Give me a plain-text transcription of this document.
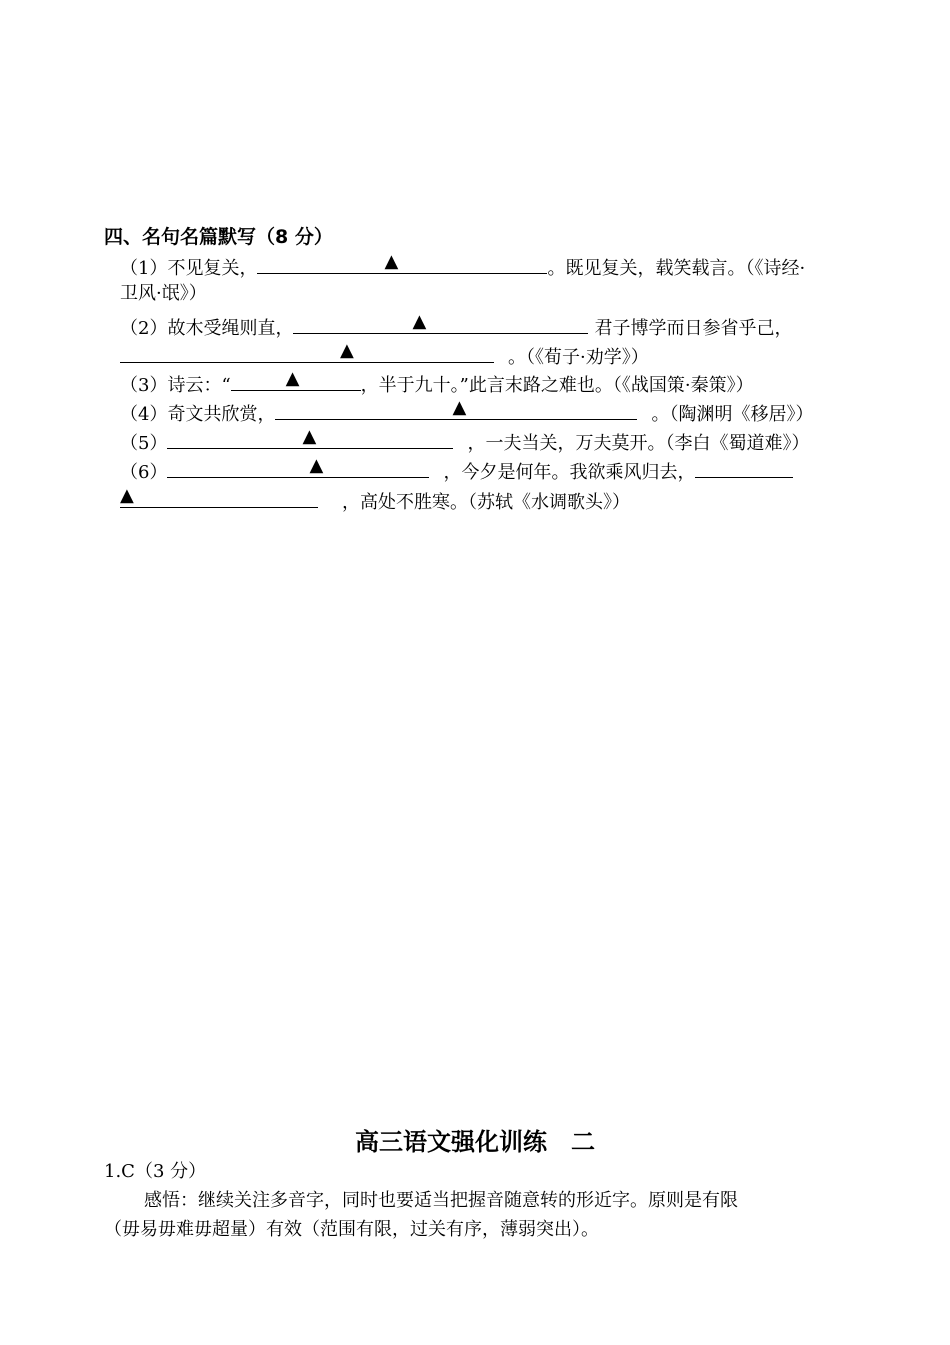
四、名句名篇默写（8 分）
（1）不见复关，	▲	。既见复关，载笑载言。（《诗经·
卫风·氓》）
（2）故木受绳则直，	▲	君子博学而日参省乎己，
▲	。（《荀子·劝学》）
（3）诗云：“	▲	，半于九十。”此言末路之难也。（《战国策·秦策》）
（4）奇文共欣赏，	▲	。（陶渊明《移居》）
（5）	▲	，一夫当关，万夫莫开。（李白《蜀道难》）
（6）	▲	，今夕是何年。我欲乘风归去，
▲	，高处不胜寒。（苏轼《水调歌头》）
高三语文强化训练　二
1.C（3 分）
感悟：继续关注多音字，同时也要适当把握音随意转的形近字。原则是有限
（毋易毋难毋超量）有效（范围有限，过关有序，薄弱突出）。
